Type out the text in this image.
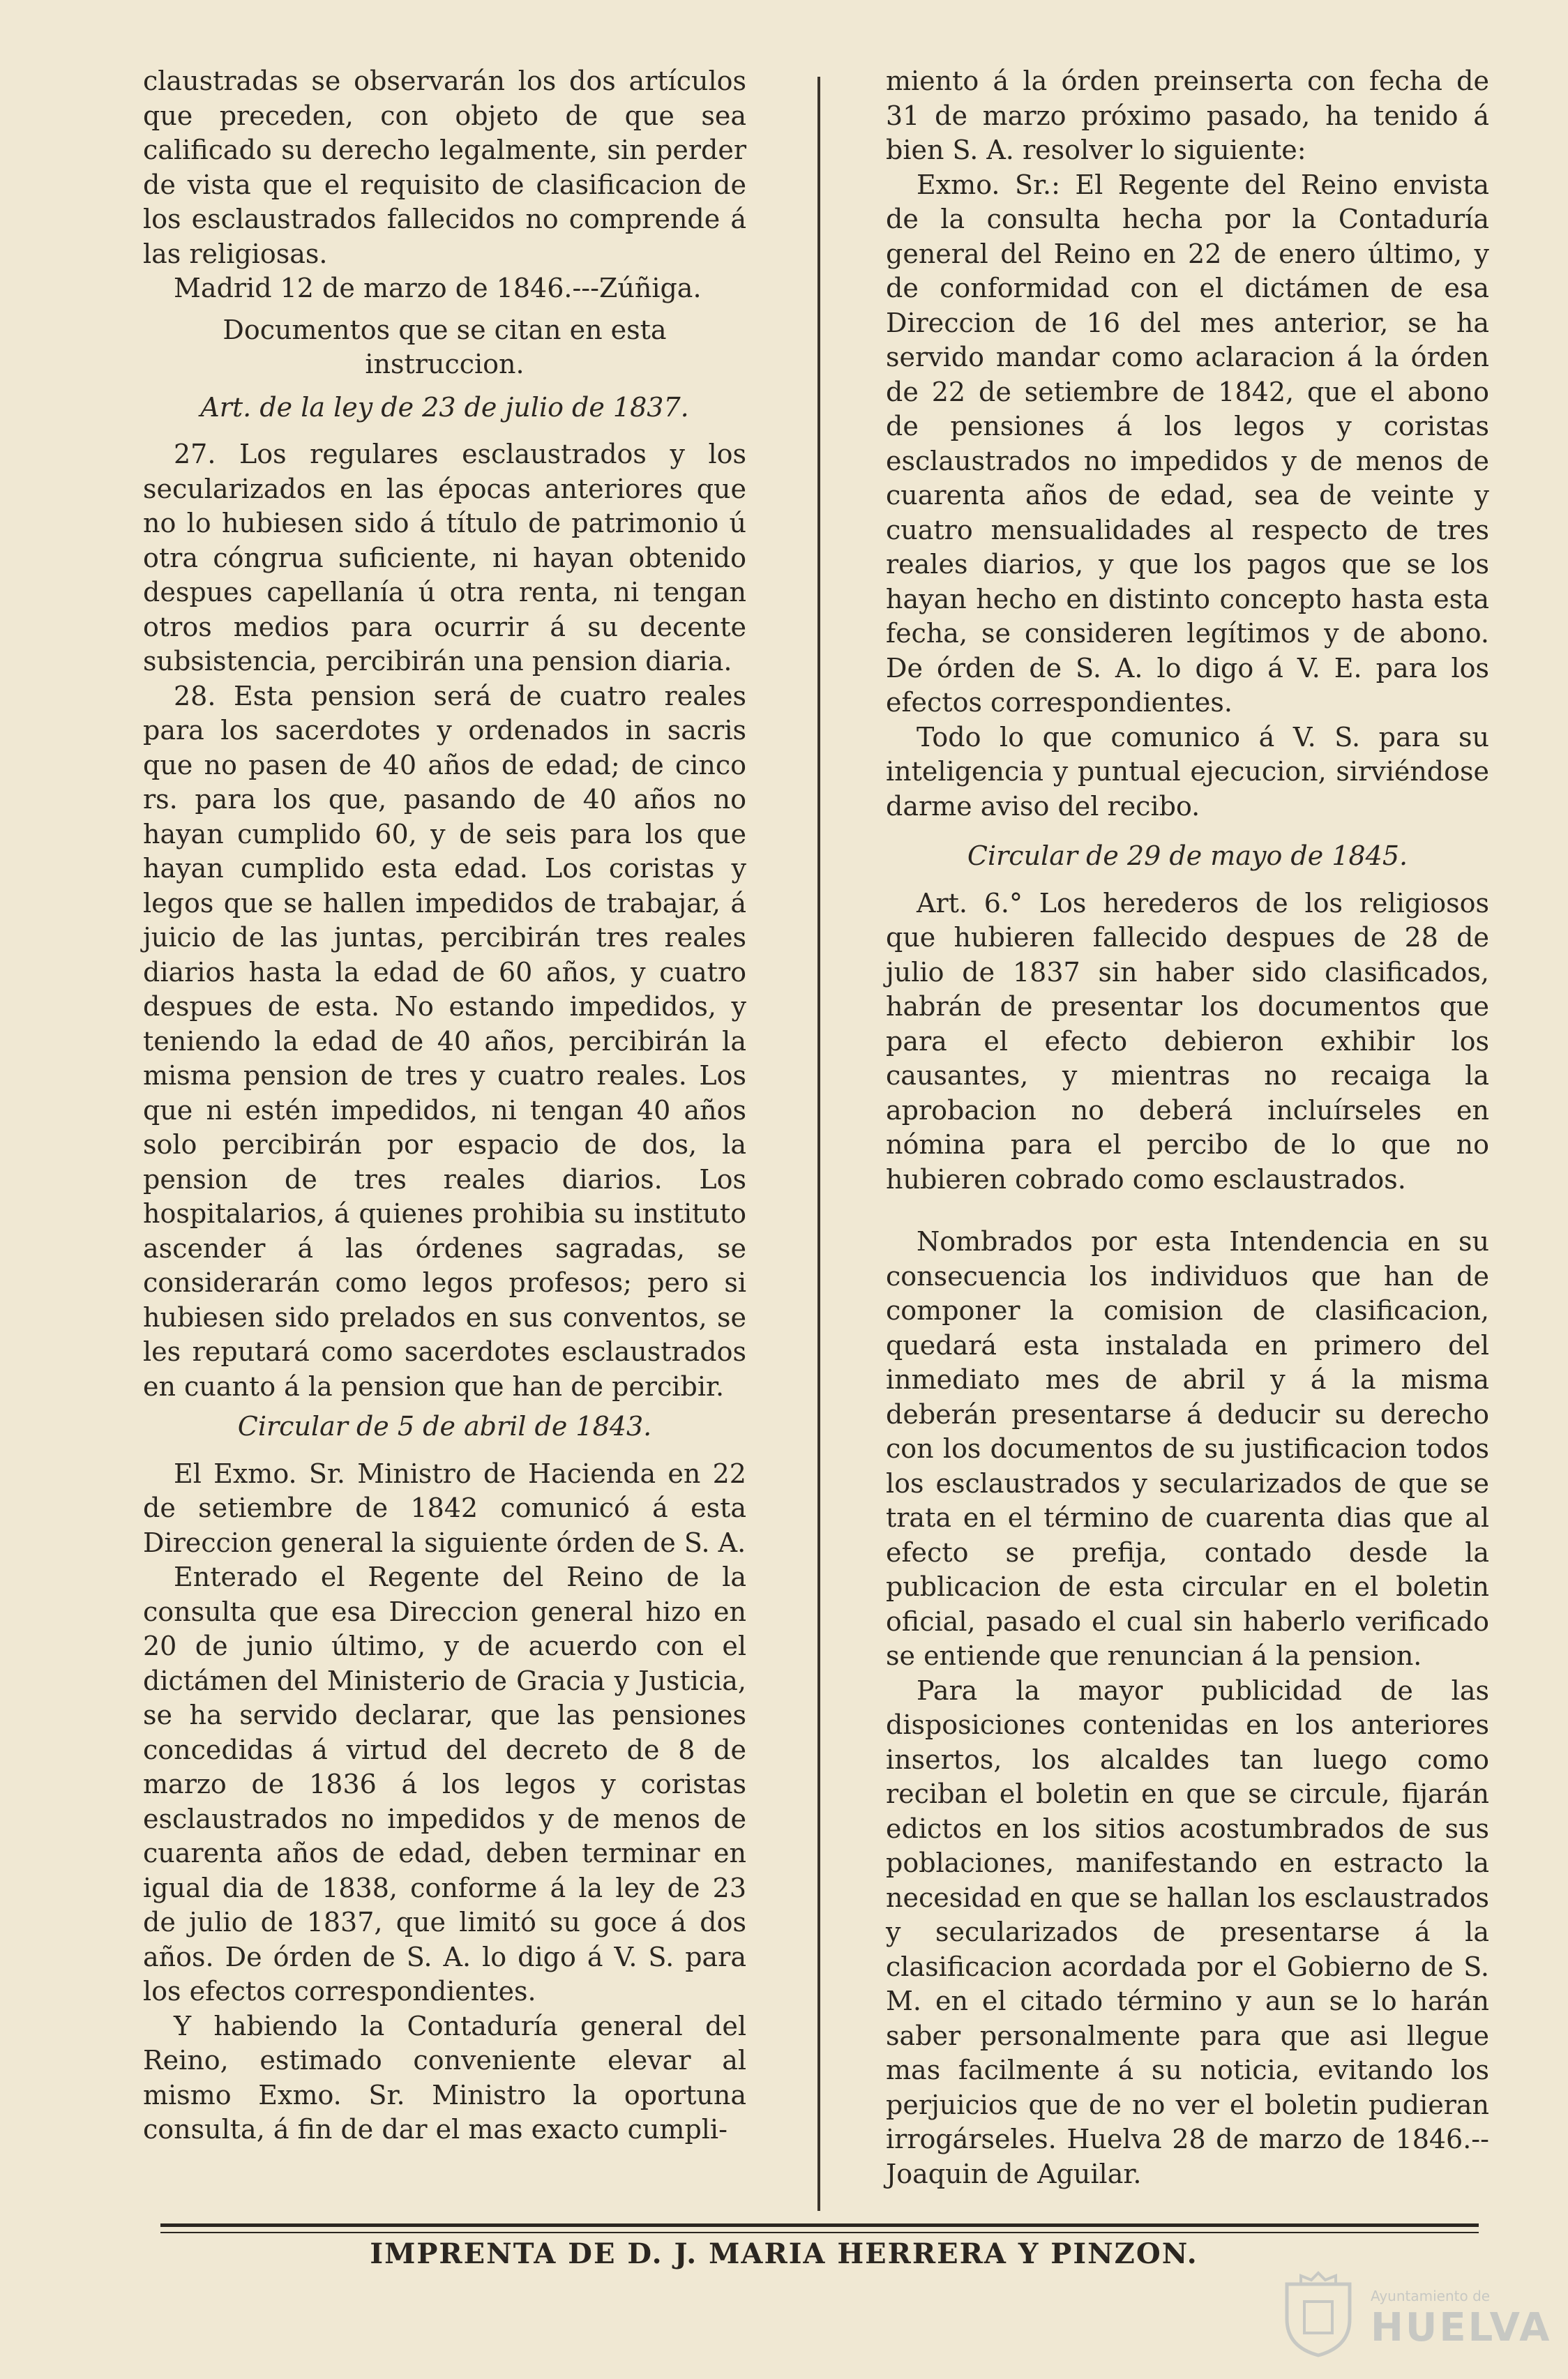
claustradas se observarán los dos artículos que preceden, con objeto de que sea calificado su derecho legalmente, sin perder de vista que el requisito de clasificacion de los esclaustrados fallecidos no comprende á las religiosas.

Madrid 12 de marzo de 1846.---Zúñiga.

Documentos que se citan en esta instruccion.

Art. de la ley de 23 de julio de 1837.

27. Los regulares esclaustrados y los secularizados en las épocas anteriores que no lo hubiesen sido á título de patrimonio ú otra cóngrua suficiente, ni hayan obtenido despues capellanía ú otra renta, ni tengan otros medios para ocurrir á su decente subsistencia, percibirán una pension diaria.

28. Esta pension será de cuatro reales para los sacerdotes y ordenados in sacris que no pasen de 40 años de edad; de cinco rs. para los que, pasando de 40 años no hayan cumplido 60, y de seis para los que hayan cumplido esta edad. Los coristas y legos que se hallen impedidos de trabajar, á juicio de las juntas, percibirán tres reales diarios hasta la edad de 60 años, y cuatro despues de esta. No estando impedidos, y teniendo la edad de 40 años, percibirán la misma pension de tres y cuatro reales. Los que ni estén impedidos, ni tengan 40 años solo percibirán por espacio de dos, la pension de tres reales diarios. Los hospitalarios, á quienes prohibia su instituto ascender á las órdenes sagradas, se considerarán como legos profesos; pero si hubiesen sido prelados en sus conventos, se les reputará como sacerdotes esclaustrados en cuanto á la pension que han de percibir.

Circular de 5 de abril de 1843.

El Exmo. Sr. Ministro de Hacienda en 22 de setiembre de 1842 comunicó á esta Direccion general la siguiente órden de S. A.

Enterado el Regente del Reino de la consulta que esa Direccion general hizo en 20 de junio último, y de acuerdo con el dictámen del Ministerio de Gracia y Justicia, se ha servido declarar, que las pensiones concedidas á virtud del decreto de 8 de marzo de 1836 á los legos y coristas esclaustrados no impedidos y de menos de cuarenta años de edad, deben terminar en igual dia de 1838, conforme á la ley de 23 de julio de 1837, que limitó su goce á dos años. De órden de S. A. lo digo á V. S. para los efectos correspondientes.

Y habiendo la Contaduría general del Reino, estimado conveniente elevar al mismo Exmo. Sr. Ministro la oportuna consulta, á fin de dar el mas exacto cumpli-

miento á la órden preinserta con fecha de 31 de marzo próximo pasado, ha tenido á bien S. A. resolver lo siguiente:

Exmo. Sr.: El Regente del Reino envista de la consulta hecha por la Contaduría general del Reino en 22 de enero último, y de conformidad con el dictámen de esa Direccion de 16 del mes anterior, se ha servido mandar como aclaracion á la órden de 22 de setiembre de 1842, que el abono de pensiones á los legos y coristas esclaustrados no impedidos y de menos de cuarenta años de edad, sea de veinte y cuatro mensualidades al respecto de tres reales diarios, y que los pagos que se los hayan hecho en distinto concepto hasta esta fecha, se consideren legítimos y de abono. De órden de S. A. lo digo á V. E. para los efectos correspondientes.

Todo lo que comunico á V. S. para su inteligencia y puntual ejecucion, sirviéndose darme aviso del recibo.

Circular de 29 de mayo de 1845.

Art. 6.° Los herederos de los religiosos que hubieren fallecido despues de 28 de julio de 1837 sin haber sido clasificados, habrán de presentar los documentos que para el efecto debieron exhibir los causantes, y mientras no recaiga la aprobacion no deberá incluírseles en nómina para el percibo de lo que no hubieren cobrado como esclaustrados.

Nombrados por esta Intendencia en su consecuencia los individuos que han de componer la comision de clasificacion, quedará esta instalada en primero del inmediato mes de abril y á la misma deberán presentarse á deducir su derecho con los documentos de su justificacion todos los esclaustrados y secularizados de que se trata en el término de cuarenta dias que al efecto se prefija, contado desde la publicacion de esta circular en el boletin oficial, pasado el cual sin haberlo verificado se entiende que renuncian á la pension.

Para la mayor publicidad de las disposiciones contenidas en los anteriores insertos, los alcaldes tan luego como reciban el boletin en que se circule, fijarán edictos en los sitios acostumbrados de sus poblaciones, manifestando en estracto la necesidad en que se hallan los esclaustrados y secularizados de presentarse á la clasificacion acordada por el Gobierno de S. M. en el citado término y aun se lo harán saber personalmente para que asi llegue mas facilmente á su noticia, evitando los perjuicios que de no ver el boletin pudieran irrogárseles. Huelva 28 de marzo de 1846.--Joaquin de Aguilar.

IMPRENTA DE D. J. MARIA HERRERA Y PINZON.
Ayuntamiento de
HUELVA
